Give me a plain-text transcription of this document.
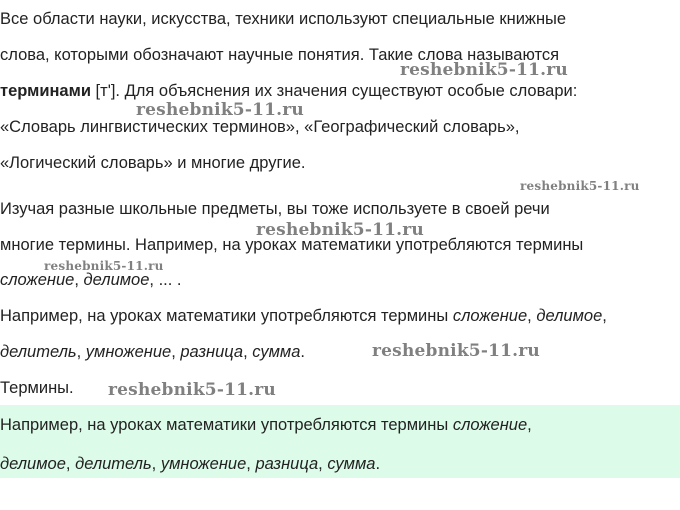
Все области науки, искусства, техники используют специальные книжные
слова, которыми обозначают научные понятия. Такие слова называются
терминами [т']. Для объяснения их значения существуют особые словари:
«Словарь лингвистических терминов», «Географический словарь»,
«Логический словарь» и многие другие.
Изучая разные школьные предметы, вы тоже используете в своей речи
многие термины. Например, на уроках математики употребляются термины
сложение, делимое, ... .
Например, на уроках математики употребляются термины сложение, делимое,
делитель, умножение, разница, сумма.
Термины.
Например, на уроках математики употребляются термины сложение,
делимое, делитель, умножение, разница, сумма.
reshebnik5-11.ru
reshebnik5-11.ru
reshebnik5-11.ru
reshebnik5-11.ru
reshebnik5-11.ru
reshebnik5-11.ru
reshebnik5-11.ru
